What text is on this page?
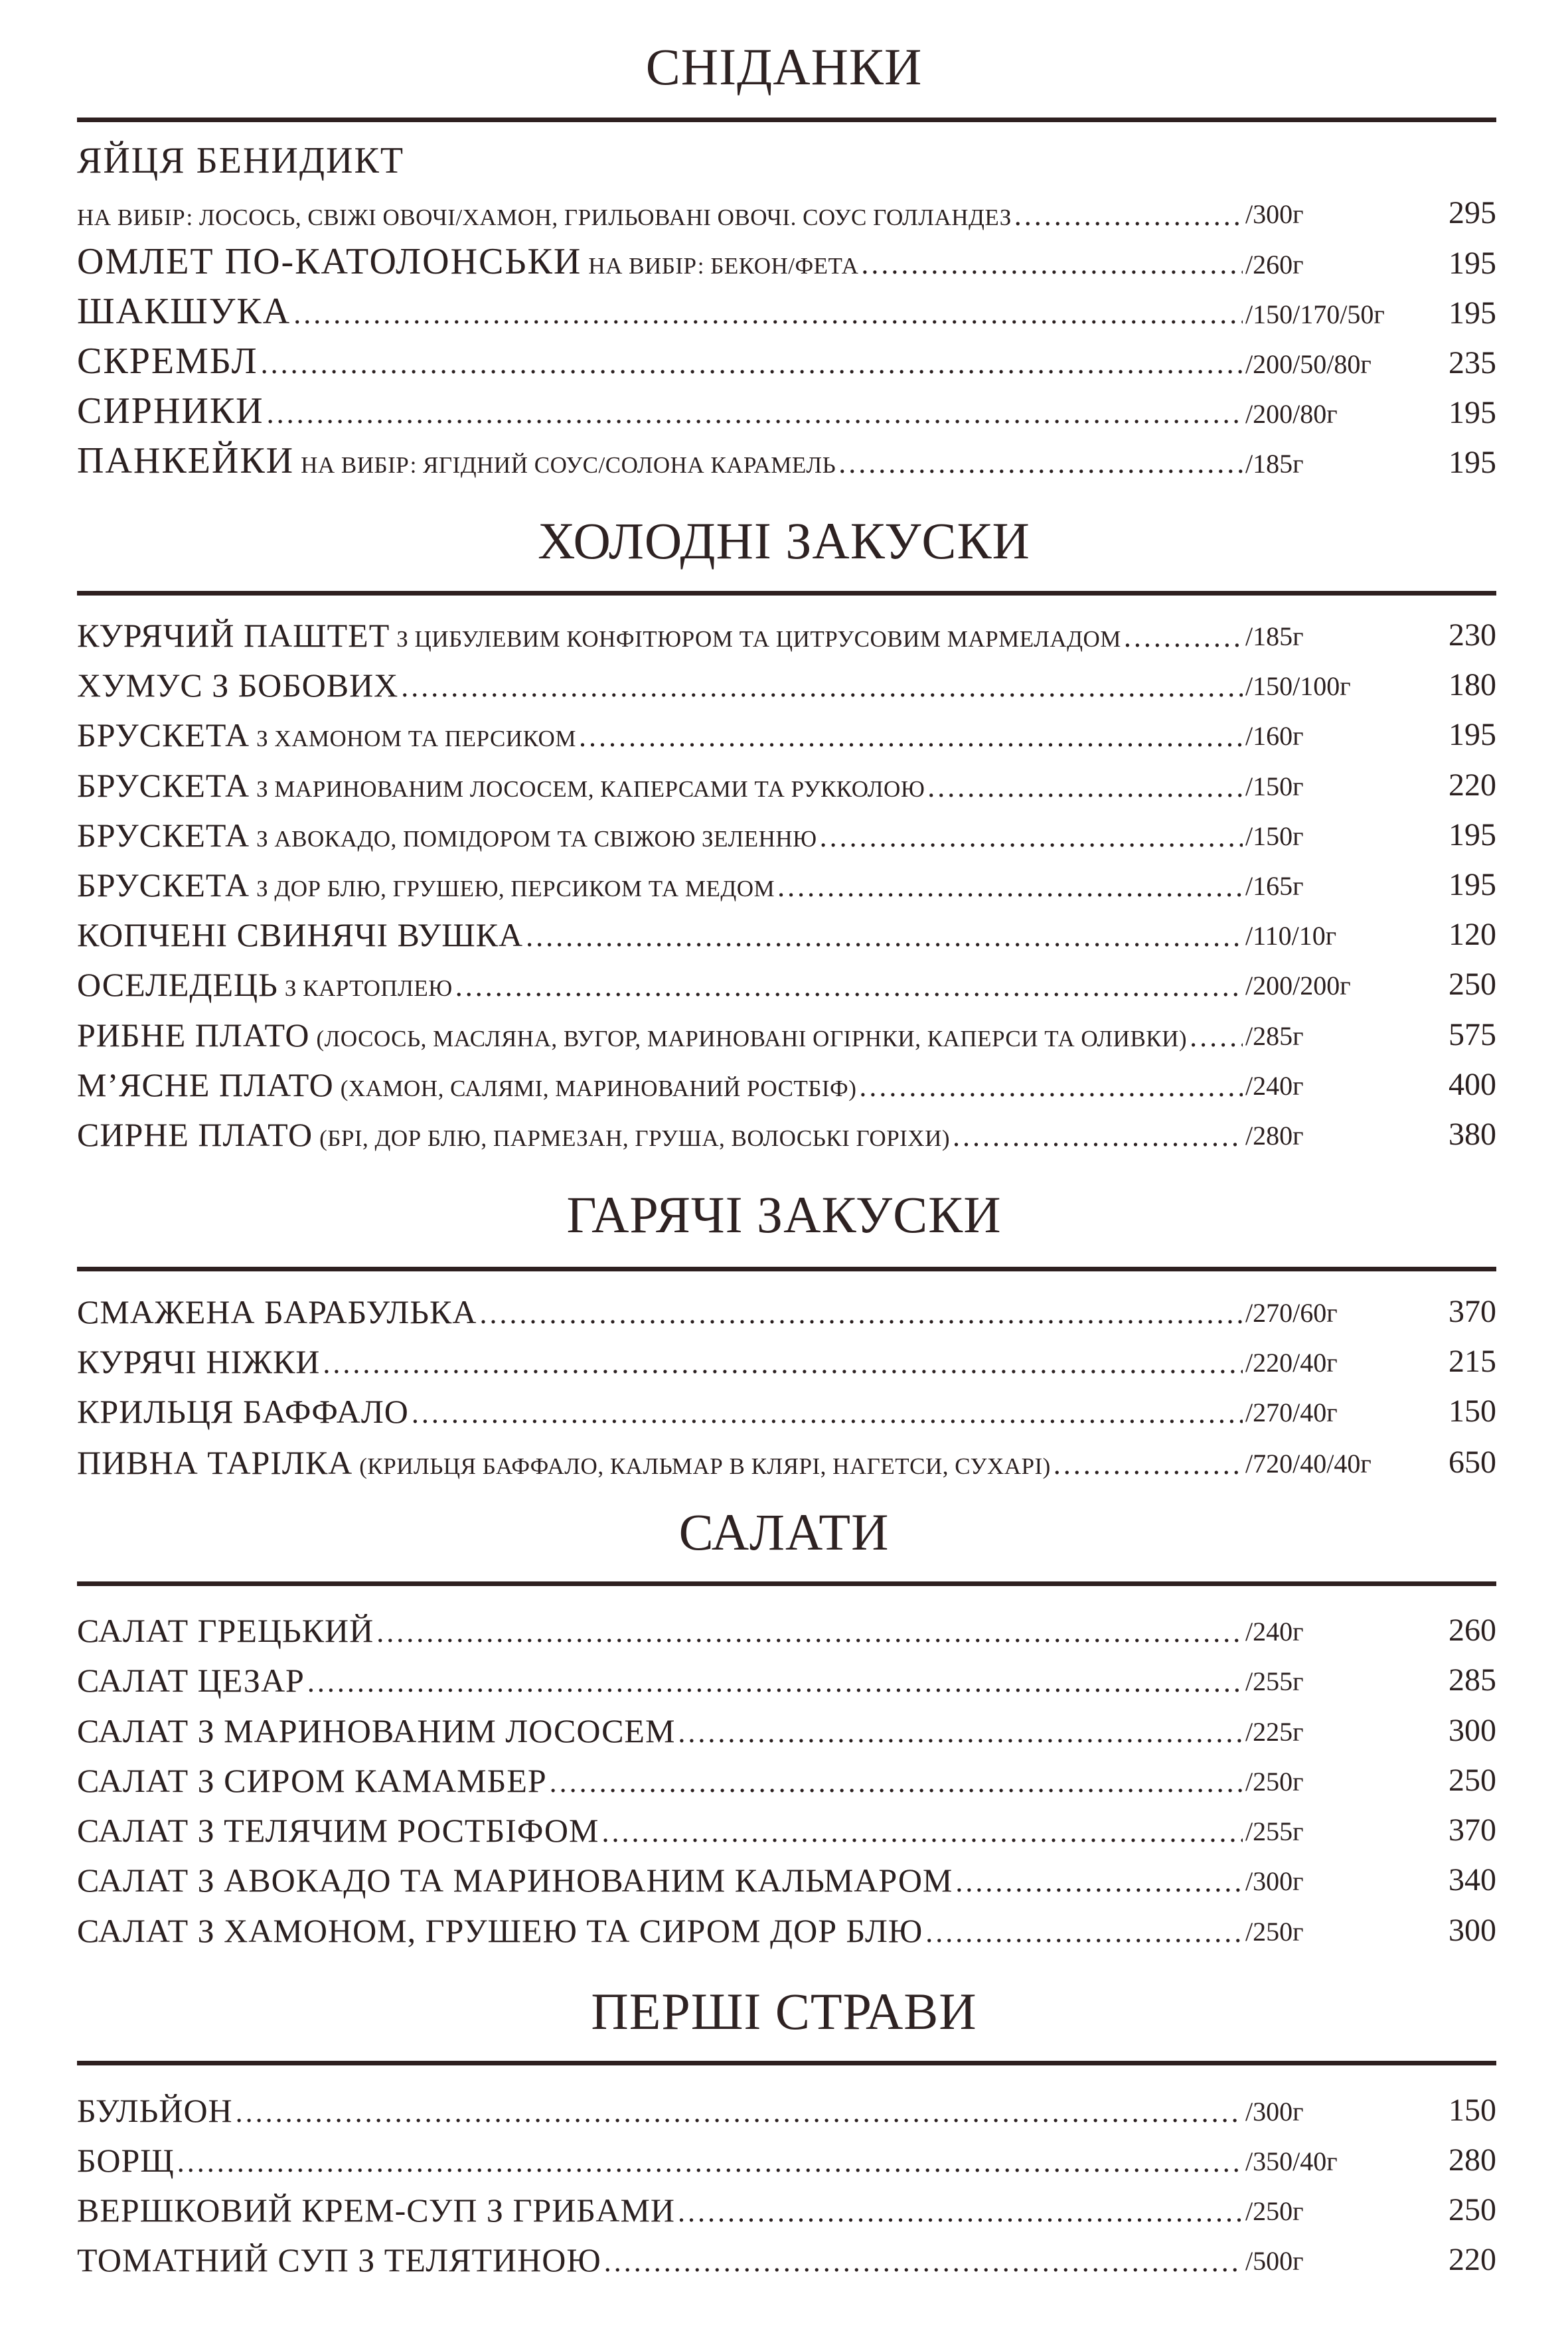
СНІДАНКИ
ЯЙЦЯ БЕНИДИКТ
НА ВИБІР: ЛОСОСЬ, СВІЖІ ОВОЧІ/ХАМОН, ГРИЛЬОВАНІ ОВОЧІ. СОУС ГОЛЛАНДЕЗ .....	/300г	295
ОМЛЕТ ПО-КАТОЛОНСЬКИ НА ВИБІР: БЕКОН/ФЕТА .....	/260г	195
ШАКШУКА .....	/150/170/50г 195
СКРЕМБЛ .....	/200/50/80г 235
СИРНИКИ .....	/200/80г	195
ПАНКЕЙКИ НА ВИБІР: ЯГІДНИЙ СОУС/СОЛОНА КАРАМЕЛЬ .....	/185г	195
ХОЛОДНІ ЗАКУСКИ
КУРЯЧИЙ ПАШТЕТ З ЦИБУЛЕВИМ КОНФІТЮРОМ ТА ЦИТРУСОВИМ МАРМЕЛАДОМ .....	/185г	230
ХУМУС З БОБОВИХ .....	/150/100г	180
БРУСКЕТА З ХАМОНОМ ТА ПЕРСИКОМ .....	/160г	195
БРУСКЕТА З МАРИНОВАНИМ ЛОСОСЕМ, КАПЕРСАМИ ТА РУККОЛОЮ .....	/150г	220
БРУСКЕТА З АВОКАДО, ПОМІДОРОМ ТА СВІЖОЮ ЗЕЛЕННЮ .....	/150г	195
БРУСКЕТА З ДОР БЛЮ, ГРУШЕЮ, ПЕРСИКОМ ТА МЕДОМ .....	/165г	195
КОПЧЕНІ СВИНЯЧІ ВУШКА .....	/110/10г	120
ОСЕЛЕДЕЦЬ З КАРТОПЛЕЮ .....	/200/200г	250
РИБНЕ ПЛАТО (ЛОСОСЬ, МАСЛЯНА, ВУГОР, МАРИНОВАНІ ОГІРНКИ, КАПЕРСИ ТА ОЛИВКИ) .....	/285г	575
М’ЯСНЕ ПЛАТО (ХАМОН, САЛЯМІ, МАРИНОВАНИЙ РОСТБІФ) .....	/240г	400
СИРНЕ ПЛАТО (БРІ, ДОР БЛЮ, ПАРМЕЗАН, ГРУША, ВОЛОСЬКІ ГОРІХИ) .....	/280г	380
ГАРЯЧІ ЗАКУСКИ
СМАЖЕНА БАРАБУЛЬКА .....	/270/60г	370
КУРЯЧІ НІЖКИ .....	/220/40г	215
КРИЛЬЦЯ БАФФАЛО .....	/270/40г	150
ПИВНА ТАРІЛКА (КРИЛЬЦЯ БАФФАЛО, КАЛЬМАР В КЛЯРІ, НАГЕТСИ, СУХАРІ) .....	/720/40/40г 650
САЛАТИ
САЛАТ ГРЕЦЬКИЙ .....	/240г	260
САЛАТ ЦЕЗАР .....	/255г	285
САЛАТ З МАРИНОВАНИМ ЛОСОСЕМ .....	/225г	300
САЛАТ З СИРОМ КАМАМБЕР .....	/250г	250
САЛАТ З ТЕЛЯЧИМ РОСТБІФОМ .....	/255г	370
САЛАТ З АВОКАДО ТА МАРИНОВАНИМ КАЛЬМАРОМ .....	/300г	340
САЛАТ З ХАМОНОМ, ГРУШЕЮ ТА СИРОМ ДОР БЛЮ .....	/250г	300
ПЕРШІ СТРАВИ
БУЛЬЙОН .....	/300г	150
БОРЩ .....	/350/40г	280
ВЕРШКОВИЙ КРЕМ-СУП З ГРИБАМИ .....	/250г	250
ТОМАТНИЙ СУП З ТЕЛЯТИНОЮ .....	/500г	220
